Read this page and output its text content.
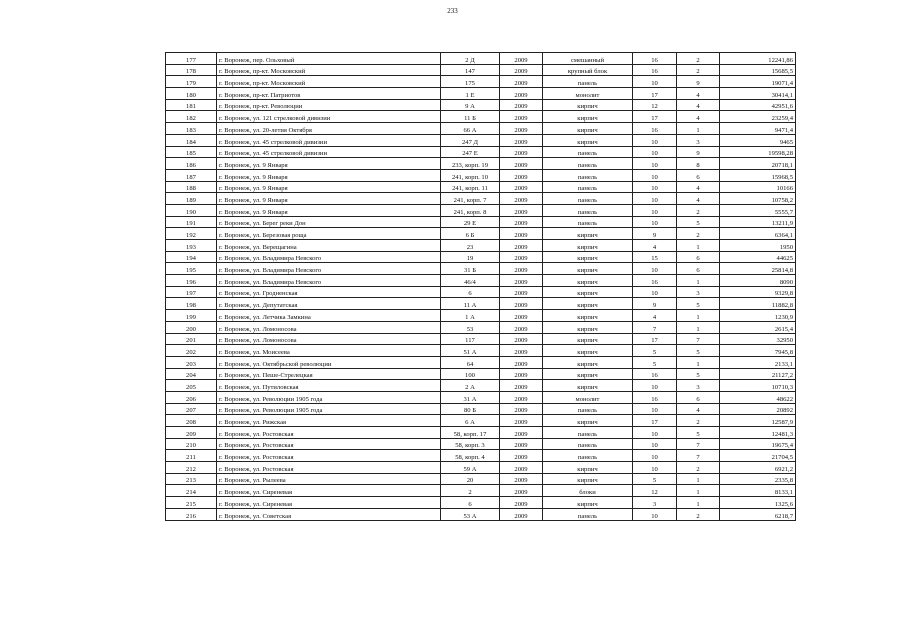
233
177	г. Воронеж, пер. Ольховый	2 Д	2009	смешанный	16	2	12241,86
178	г. Воронеж, пр-кт. Московский	147	2009	крупный блок	16	2	15685,5
179	г. Воронеж, пр-кт. Московский	175	2009	панель	10	9	19071,4
180	г. Воронеж, пр-кт. Патриотов	1 Е	2009	монолит	17	4	30414,1
181	г. Воронеж, пр-кт. Революции	9 А	2009	кирпич	12	4	42951,6
182	г. Воронеж, ул. 121 стрелковой дивизии	11 Б	2009	кирпич	17	4	23259,4
183	г. Воронеж, ул. 20-летия Октября	66 А	2009	кирпич	16	1	9471,4
184	г. Воронеж, ул. 45 стрелковой дивизии	247 Д	2009	кирпич	10	3	9465
185	г. Воронеж, ул. 45 стрелковой дивизии	247 Е	2009	панель	10	9	19598,28
186	г. Воронеж, ул. 9 Января	233, корп. 19	2009	панель	10	8	20718,1
187	г. Воронеж, ул. 9 Января	241, корп. 10	2009	панель	10	6	15968,5
188	г. Воронеж, ул. 9 Января	241, корп. 11	2009	панель	10	4	10166
189	г. Воронеж, ул. 9 Января	241, корп. 7	2009	панель	10	4	10758,2
190	г. Воронеж, ул. 9 Января	241, корп. 8	2009	панель	10	2	5555,7
191	г. Воронеж, ул. Берег реки Дон	29 Е	2009	панель	10	5	13211,9
192	г. Воронеж, ул. Березовая роща	6 Б	2009	кирпич	9	2	6364,1
193	г. Воронеж, ул. Верещагина	23	2009	кирпич	4	1	1950
194	г. Воронеж, ул. Владимира Невского	19	2009	кирпич	15	6	44625
195	г. Воронеж, ул. Владимира Невского	31 Б	2009	кирпич	10	6	25814,8
196	г. Воронеж, ул. Владимира Невского	46/4	2009	кирпич	16	1	8090
197	г. Воронеж, ул. Гродненская	6	2009	кирпич	10	3	9329,8
198	г. Воронеж, ул. Депутатская	11 А	2009	кирпич	9	5	11882,8
199	г. Воронеж, ул. Летчика Замкина	1 А	2009	кирпич	4	1	1230,9
200	г. Воронеж, ул. Ломоносова	53	2009	кирпич	7	1	2615,4
201	г. Воронеж, ул. Ломоносова	117	2009	кирпич	17	7	32950
202	г. Воронеж, ул. Моисеева	51 А	2009	кирпич	5	5	7945,8
203	г. Воронеж, ул. Октябрьской революции	64	2009	кирпич	5	1	2133,1
204	г. Воронеж, ул. Пеше-Стрелецкая	100	2009	кирпич	16	5	21127,2
205	г. Воронеж, ул. Путиловская	2 А	2009	кирпич	10	3	10710,3
206	г. Воронеж, ул. Революции 1905 года	31 А	2009	монолит	16	6	48622
207	г. Воронеж, ул. Революции 1905 года	80 Б	2009	панель	10	4	20892
208	г. Воронеж, ул. Рижская	6 А	2009	кирпич	17	2	12587,9
209	г. Воронеж, ул. Ростовская	58, корп. 17	2009	панель	10	5	12481,3
210	г. Воронеж, ул. Ростовская	58, корп. 3	2009	панель	10	7	19675,4
211	г. Воронеж, ул. Ростовская	58, корп. 4	2009	панель	10	7	21704,5
212	г. Воронеж, ул. Ростовская	59 А	2009	кирпич	10	2	6921,2
213	г. Воронеж, ул. Рылеева	20	2009	кирпич	5	1	2335,8
214	г. Воронеж, ул. Сиреневая	2	2009	блоки	12	1	8133,1
215	г. Воронеж, ул. Сиреневая	6	2009	кирпич	3	1	1325,6
216	г. Воронеж, ул. Советская	53 А	2009	панель	10	2	6218,7
